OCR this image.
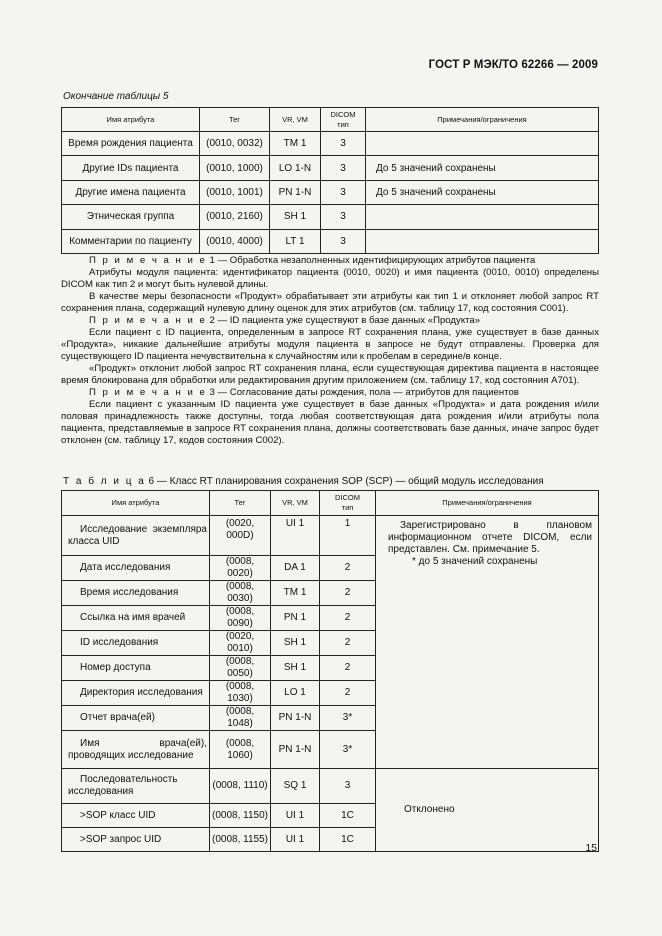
ГОСТ Р МЭК/ТО 62266 — 2009
Окончание таблицы 5
Имя атрибута	Тег	VR, VM	DICOM тип	Примечания/ограничения
Время рождения пациента	(0010, 0032)	TM 1	3	
Другие IDs пациента	(0010, 1000)	LO 1-N	3	До 5 значений сохранены
Другие имена пациента	(0010, 1001)	PN 1-N	3	До 5 значений сохранены
Этническая группа	(0010, 2160)	SH 1	3	
Комментарии по пациенту	(0010, 4000)	LT 1	3	

П р и м е ч а н и е 1 — Обработка незаполненных идентифицирующих атрибутов пациента

Атрибуты модуля пациента: идентификатор пациента (0010, 0020) и имя пациента (0010, 0010) определены DICOM как тип 2 и могут быть нулевой длины.

В качестве меры безопасности «Продукт» обрабатывает эти атрибуты как тип 1 и отклоняет любой запрос RT сохранения плана, содержащий нулевую длину оценок для этих атрибутов (см. таблицу 17, код состояния C001).

П р и м е ч а н и е 2 — ID пациента уже существуют в базе данных «Продукта»

Если пациент с ID пациента, определенным в запросе RT сохранения плана, уже существует в базе данных «Продукта», никакие дальнейшие атрибуты модуля пациента в запросе не будут отправлены. Проверка для существующего ID пациента нечувствительна к случайностям или к пробелам в середине/в конце.

«Продукт» отклонит любой запрос RT сохранения плана, если существующая директива пациента в настоящее время блокирована для обработки или редактирования другим приложением (см. таблицу 17, код состояния A701).

П р и м е ч а н и е 3 — Согласование даты рождения, пола — атрибутов для пациентов

Если пациент с указанным ID пациента уже существует в базе данных «Продукта» и дата рождения и/или половая принадлежность также доступны, тогда любая соответствующая дата рождения и/или атрибуты пола пациента, представляемые в запросе RT сохранения плана, должны соответствовать базе данных, иначе запрос будет отклонен (см. таблицу 17, кодов состояния C002).

Т а б л и ц а 6 — Класс RT планирования сохранения SOP (SCP) — общий модуль исследования
Имя атрибута	Тег	VR, VM	DICOM тип	Примечания/ограничения
Исследование экземпляра класса UID	(0020, 000D)	UI 1	1	Зарегистрировано в плановом информационном отчете DICOM, если представлен. См. примечание 5.
* до 5 значений сохранены

Дата исследования	(0008, 0020)	DA 1	2	
Время исследования	(0008, 0030)	TM 1	2	
Ссылка на имя врачей	(0008, 0090)	PN 1	2	
ID исследования	(0020, 0010)	SH 1	2	
Номер доступа	(0008, 0050)	SH 1	2	
Директория исследования	(0008, 1030)	LO 1	2	
Отчет врача(ей)	(0008, 1048)	PN 1-N	3*	
Имя врача(ей), проводящих исследование	(0008, 1060)	PN 1-N	3*	
Последовательность исследования	(0008, 1110)	SQ 1	3	Отклонено
>SOP класс UID	(0008, 1150)	UI 1	1C	
>SOP запрос UID	(0008, 1155)	UI 1	1C	
15
